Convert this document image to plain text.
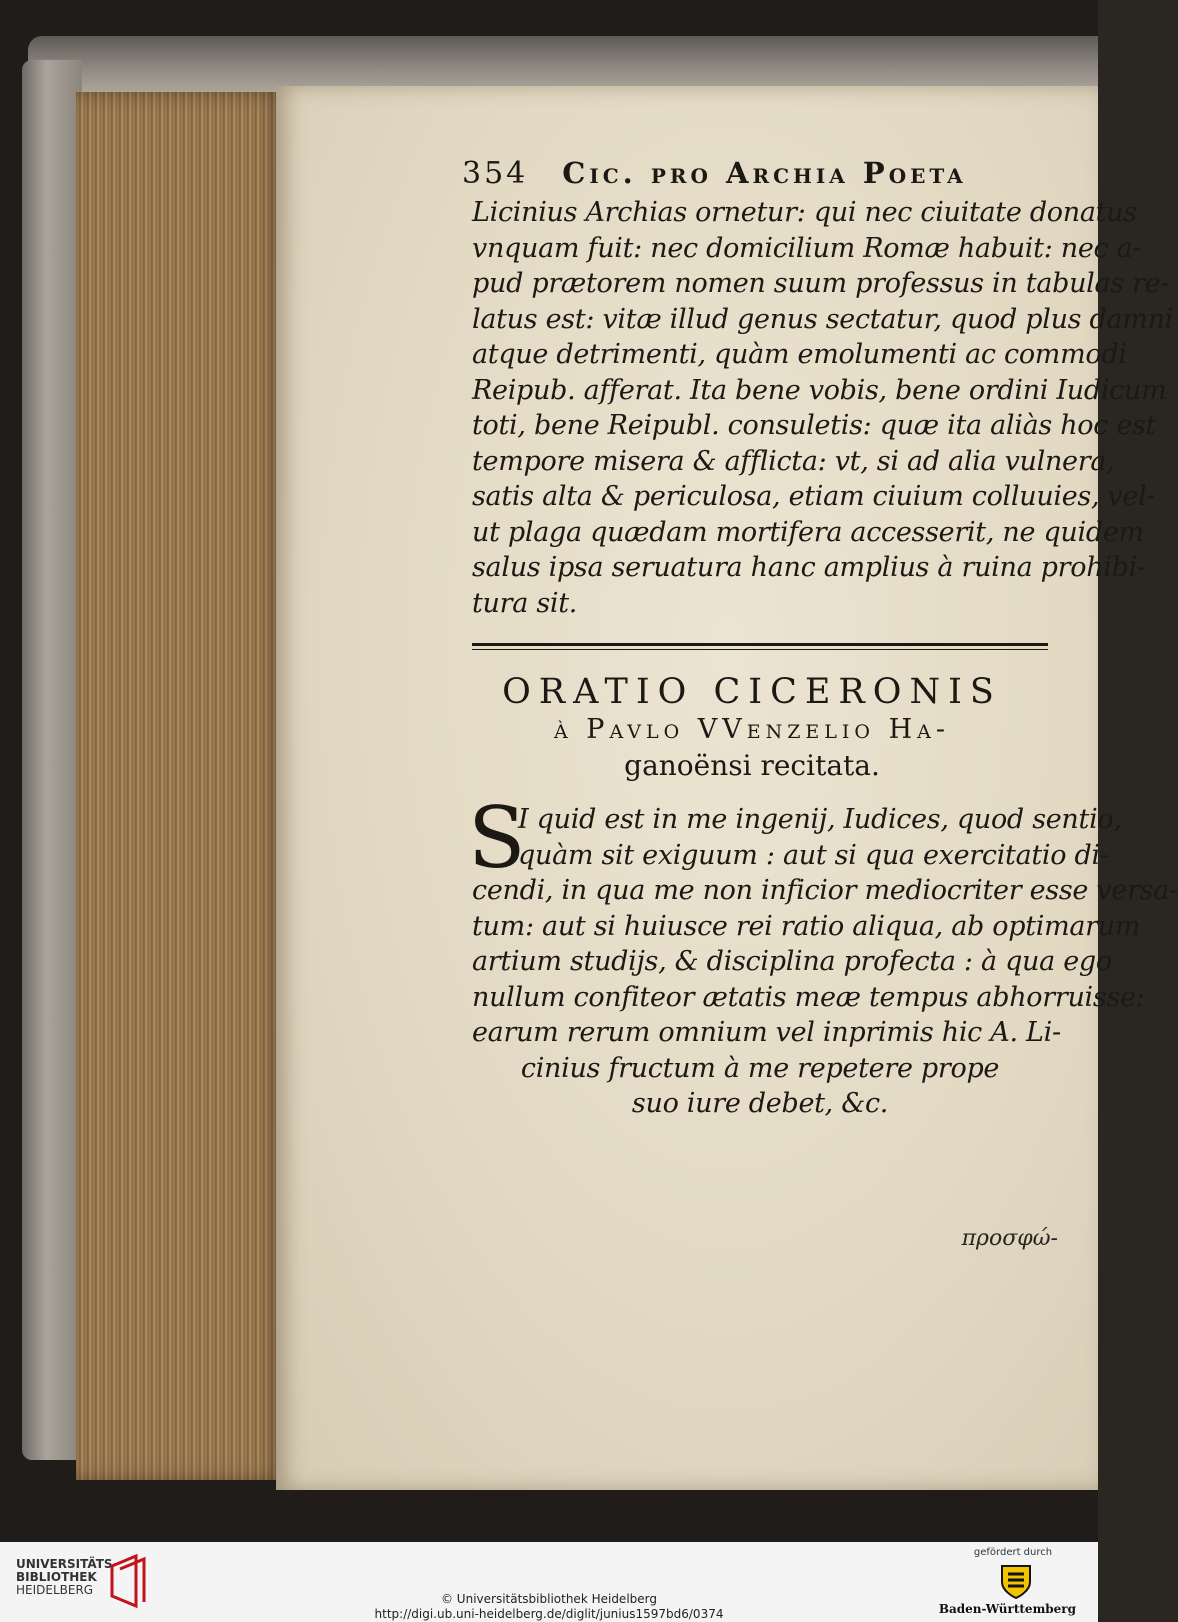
354 Cic. pro Archia Poeta
Licinius Archias ornetur: qui nec ciuitate donatus
vnquam fuit: nec domicilium Romæ habuit: nec a-
pud prætorem nomen suum professus in tabulas re-
latus est: vitæ illud genus sectatur, quod plus damni
atque detrimenti, quàm emolumenti ac commodi
Reipub. afferat. Ita bene vobis, bene ordini Iudicum
toti, bene Reipubl. consuletis: quæ ita aliàs hoc est
tempore misera & afflicta: vt, si ad alia vulnera,
satis alta & periculosa, etiam ciuium colluuies, vel-
ut plaga quædam mortifera accesserit, ne quidem
salus ipsa seruatura hanc amplius à ruina prohibi-
tura sit.
ORATIO CICERONIS
à Pavlo VVenzelio Ha-
ganoënsi recitata.
S
I quid est in me ingenij, Iudices, quod sentio,
quàm sit exiguum : aut si qua exercitatio di-
cendi, in qua me non inficior mediocriter esse versa-
tum: aut si huiusce rei ratio aliqua, ab optimarum
artium studijs, & disciplina profecta : à qua ego
nullum confiteor ætatis meæ tempus abhorruisse:
earum rerum omnium vel inprimis hic A. Li-
cinius fructum à me repetere prope
suo iure debet, &c.
προσφώ-
UNIVERSITÄTS-
BIBLIOTHEK
HEIDELBERG
© Universitätsbibliothek Heidelberg
http://digi.ub.uni-heidelberg.de/diglit/junius1597bd6/0374
gefördert durch
Baden-Württemberg
